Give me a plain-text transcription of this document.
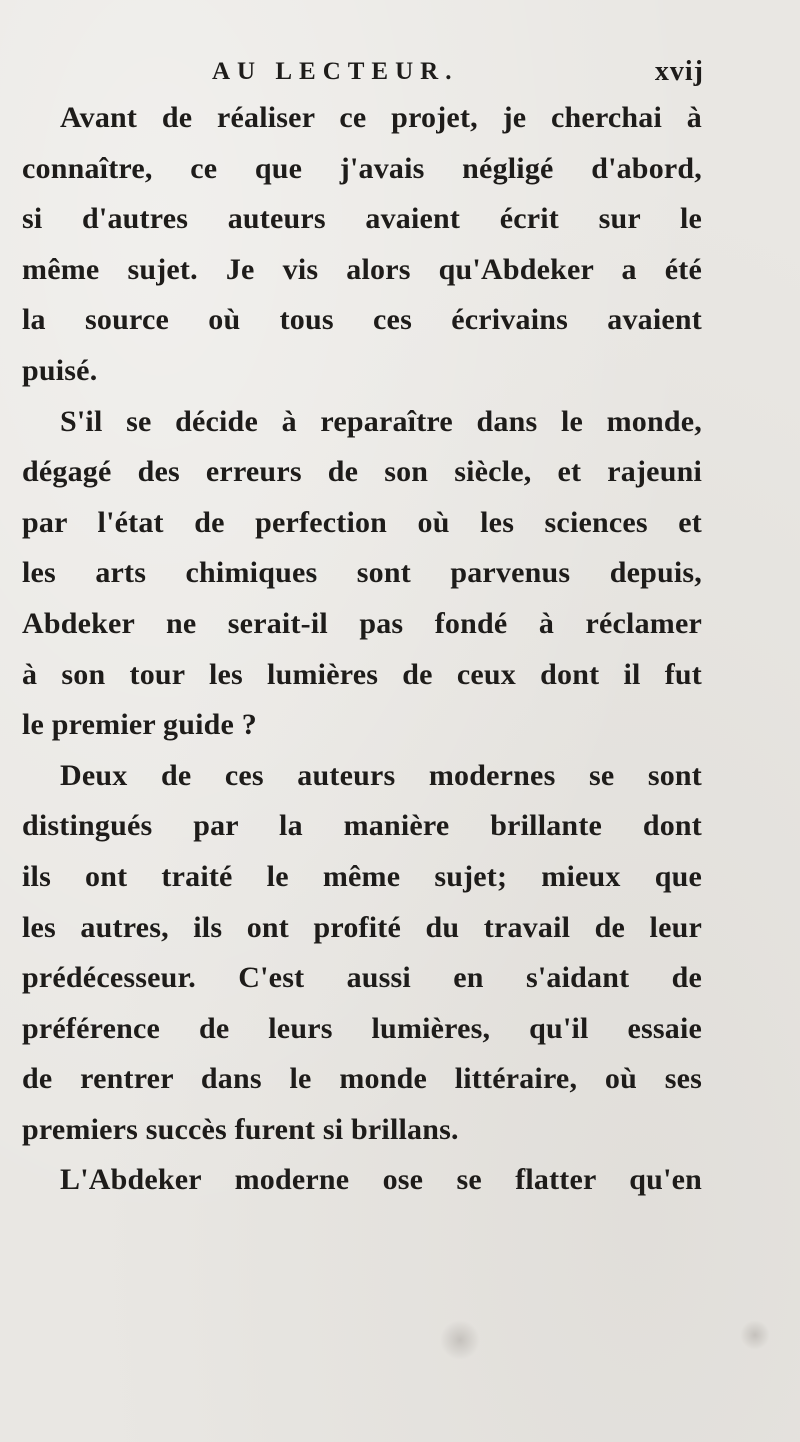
AU LECTEUR.	xvij
Avant de réaliser ce projet, je cherchai à
connaître, ce que j'avais négligé d'abord,
si d'autres auteurs avaient écrit sur le
même sujet. Je vis alors qu'Abdeker a été
la source où tous ces écrivains avaient
puisé.
S'il se décide à reparaître dans le monde,
dégagé des erreurs de son siècle, et rajeuni
par l'état de perfection où les sciences et
les arts chimiques sont parvenus depuis,
Abdeker ne serait-il pas fondé à réclamer
à son tour les lumières de ceux dont il fut
le premier guide ?
Deux de ces auteurs modernes se sont
distingués par la manière brillante dont
ils ont traité le même sujet; mieux que
les autres, ils ont profité du travail de leur
prédécesseur. C'est aussi en s'aidant de
préférence de leurs lumières, qu'il essaie
de rentrer dans le monde littéraire, où ses
premiers succès furent si brillans.
L'Abdeker moderne ose se flatter qu'en
